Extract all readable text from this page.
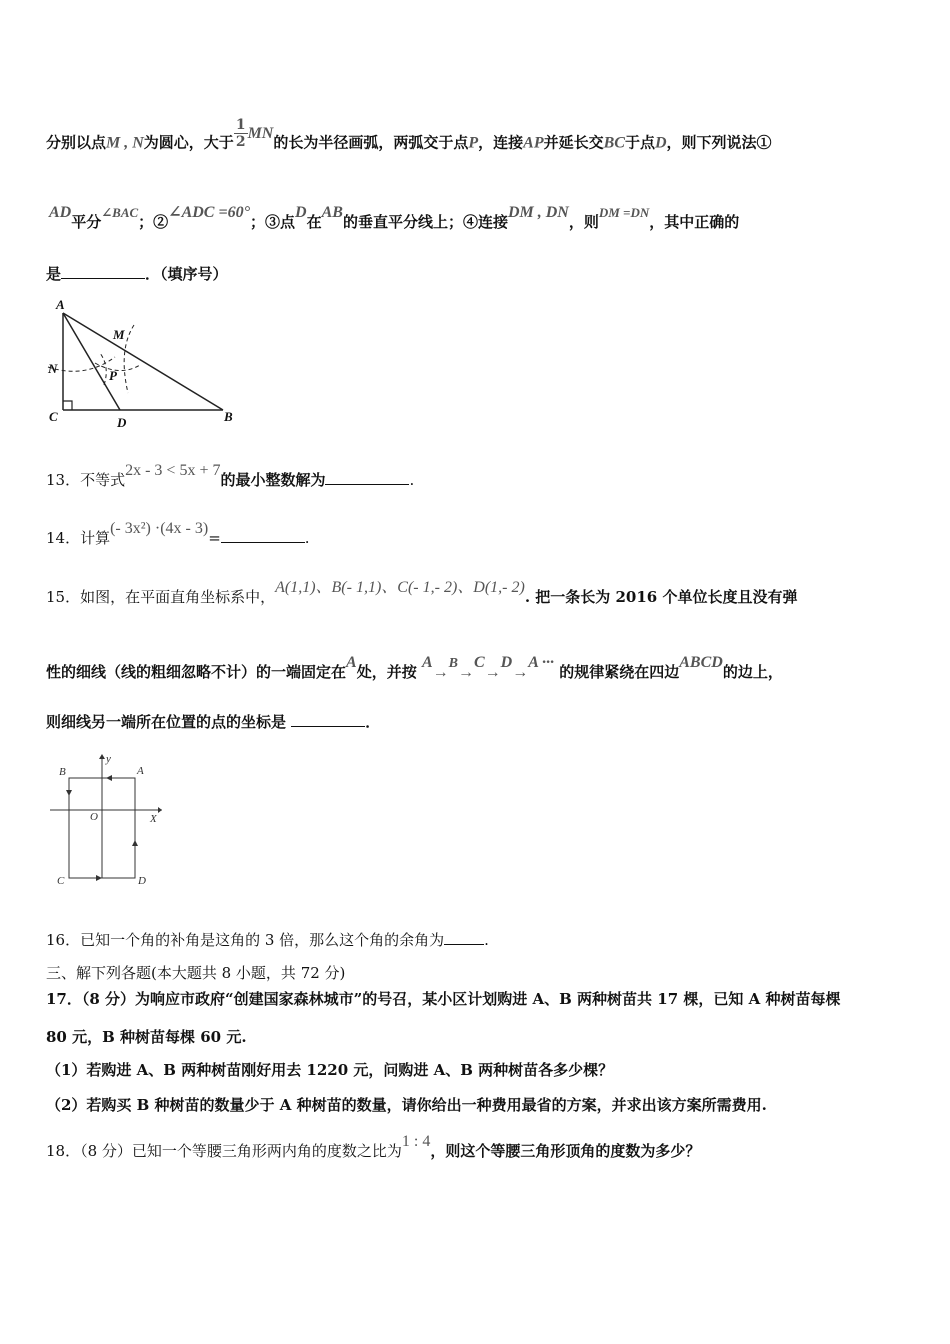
分别以点M , N为圆心，大于 $\frac{1}{2}$ MN的长为半径画弧，两弧交于点P，连接AP并延长交BC于点D，则下列说法①
AD平分∠BAC；②∠ADC =60°；③点D在AB的垂直平分线上；④连接DM , DN，则DM =DN，其中正确的
是	．（填序号）
A
M
N	P
C	D	B
13．不等式2x - 3 < 5x + 7的最小整数解为	.
14．计算(- 3x²) ·(4x - 3)=	.
15．如图，在平面直角坐标系中，A(1,1)、B(- 1,1)、C(- 1,- 2)、D(1,- 2). 把一条长为 2016 个单位长度且没有弹
性的细线（线的粗细忽略不计）的一端固定在A处，并按 A→B→C→D→A ··· 的规律紧绕在四边ABCD的边上，
则细线另一端所在位置的点的坐标是	．
y
B	A
O	X
C	D
16．已知一个角的补角是这角的 3 倍，那么这个角的余角为	.
三、解下列各题(本大题共 8 小题，共 72 分)
17．（8 分）为响应市政府“创建国家森林城市”的号召，某小区计划购进 A、B 两种树苗共 17 棵，已知 A 种树苗每棵
80 元，B 种树苗每棵 60 元.
（1）若购进 A、B 两种树苗刚好用去 1220 元，问购进 A、B 两种树苗各多少棵？
（2）若购买 B 种树苗的数量少于 A 种树苗的数量，请你给出一种费用最省的方案，并求出该方案所需费用.
18．（8 分）已知一个等腰三角形两内角的度数之比为1 : 4，则这个等腰三角形顶角的度数为多少？
